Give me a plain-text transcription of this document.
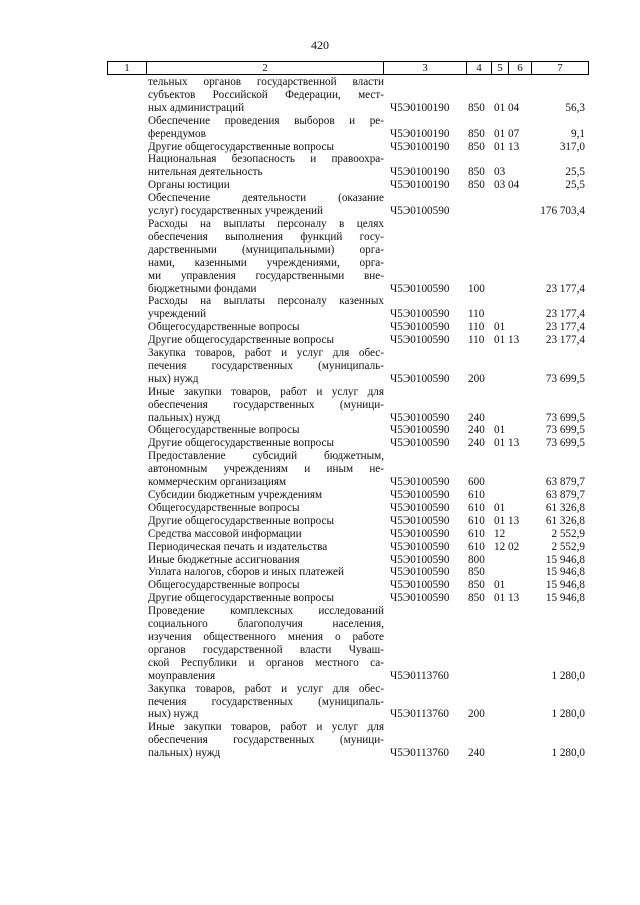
420
1	2	3	4	5	6	7
тельных органов государственной власти
субъектов Российской Федерации, мест-
ных администраций	Ч5Э0100190	850 01 04	56,3
Обеспечение проведения выборов и ре-
ферендумов	Ч5Э0100190	850 01 07	9,1
Другие общегосударственные вопросы	Ч5Э0100190	850 01 13	317,0
Национальная безопасность и правоохра-
нительная деятельность	Ч5Э0100190	850 03	25,5
Органы юстиции	Ч5Э0100190	850 03 04	25,5
Обеспечение деятельности (оказание
услуг) государственных учреждений	Ч5Э0100590	176 703,4
Расходы на выплаты персоналу в целях
обеспечения выполнения функций госу-
дарственными (муниципальными) орга-
нами, казенными учреждениями, орга-
ми управления государственными вне-
бюджетными фондами	Ч5Э0100590	100	23 177,4
Расходы на выплаты персоналу казенных
учреждений	Ч5Э0100590	110	23 177,4
Общегосударственные вопросы	Ч5Э0100590	110 01	23 177,4
Другие общегосударственные вопросы	Ч5Э0100590	110 01 13	23 177,4
Закупка товаров, работ и услуг для обес-
печения государственных (муниципаль-
ных) нужд	Ч5Э0100590	200	73 699,5
Иные закупки товаров, работ и услуг для
обеспечения государственных (муници-
пальных) нужд	Ч5Э0100590	240	73 699,5
Общегосударственные вопросы	Ч5Э0100590	240 01	73 699,5
Другие общегосударственные вопросы	Ч5Э0100590	240 01 13	73 699,5
Предоставление субсидий бюджетным,
автономным учреждениям и иным не-
коммерческим организациям	Ч5Э0100590	600	63 879,7
Субсидии бюджетным учреждениям	Ч5Э0100590	610	63 879,7
Общегосударственные вопросы	Ч5Э0100590	610 01	61 326,8
Другие общегосударственные вопросы	Ч5Э0100590	610 01 13	61 326,8
Средства массовой информации	Ч5Э0100590	610 12	2 552,9
Периодическая печать и издательства	Ч5Э0100590	610 12 02	2 552,9
Иные бюджетные ассигнования	Ч5Э0100590	800	15 946,8
Уплата налогов, сборов и иных платежей	Ч5Э0100590	850	15 946,8
Общегосударственные вопросы	Ч5Э0100590	850 01	15 946,8
Другие общегосударственные вопросы	Ч5Э0100590	850 01 13	15 946,8
Проведение комплексных исследований
социального благополучия населения,
изучения общественного мнения о работе
органов государственной власти Чуваш-
ской Республики и органов местного са-
моуправления	Ч5Э0113760	1 280,0
Закупка товаров, работ и услуг для обес-
печения государственных (муниципаль-
ных) нужд	Ч5Э0113760	200	1 280,0
Иные закупки товаров, работ и услуг для
обеспечения государственных (муници-
пальных) нужд	Ч5Э0113760	240	1 280,0
